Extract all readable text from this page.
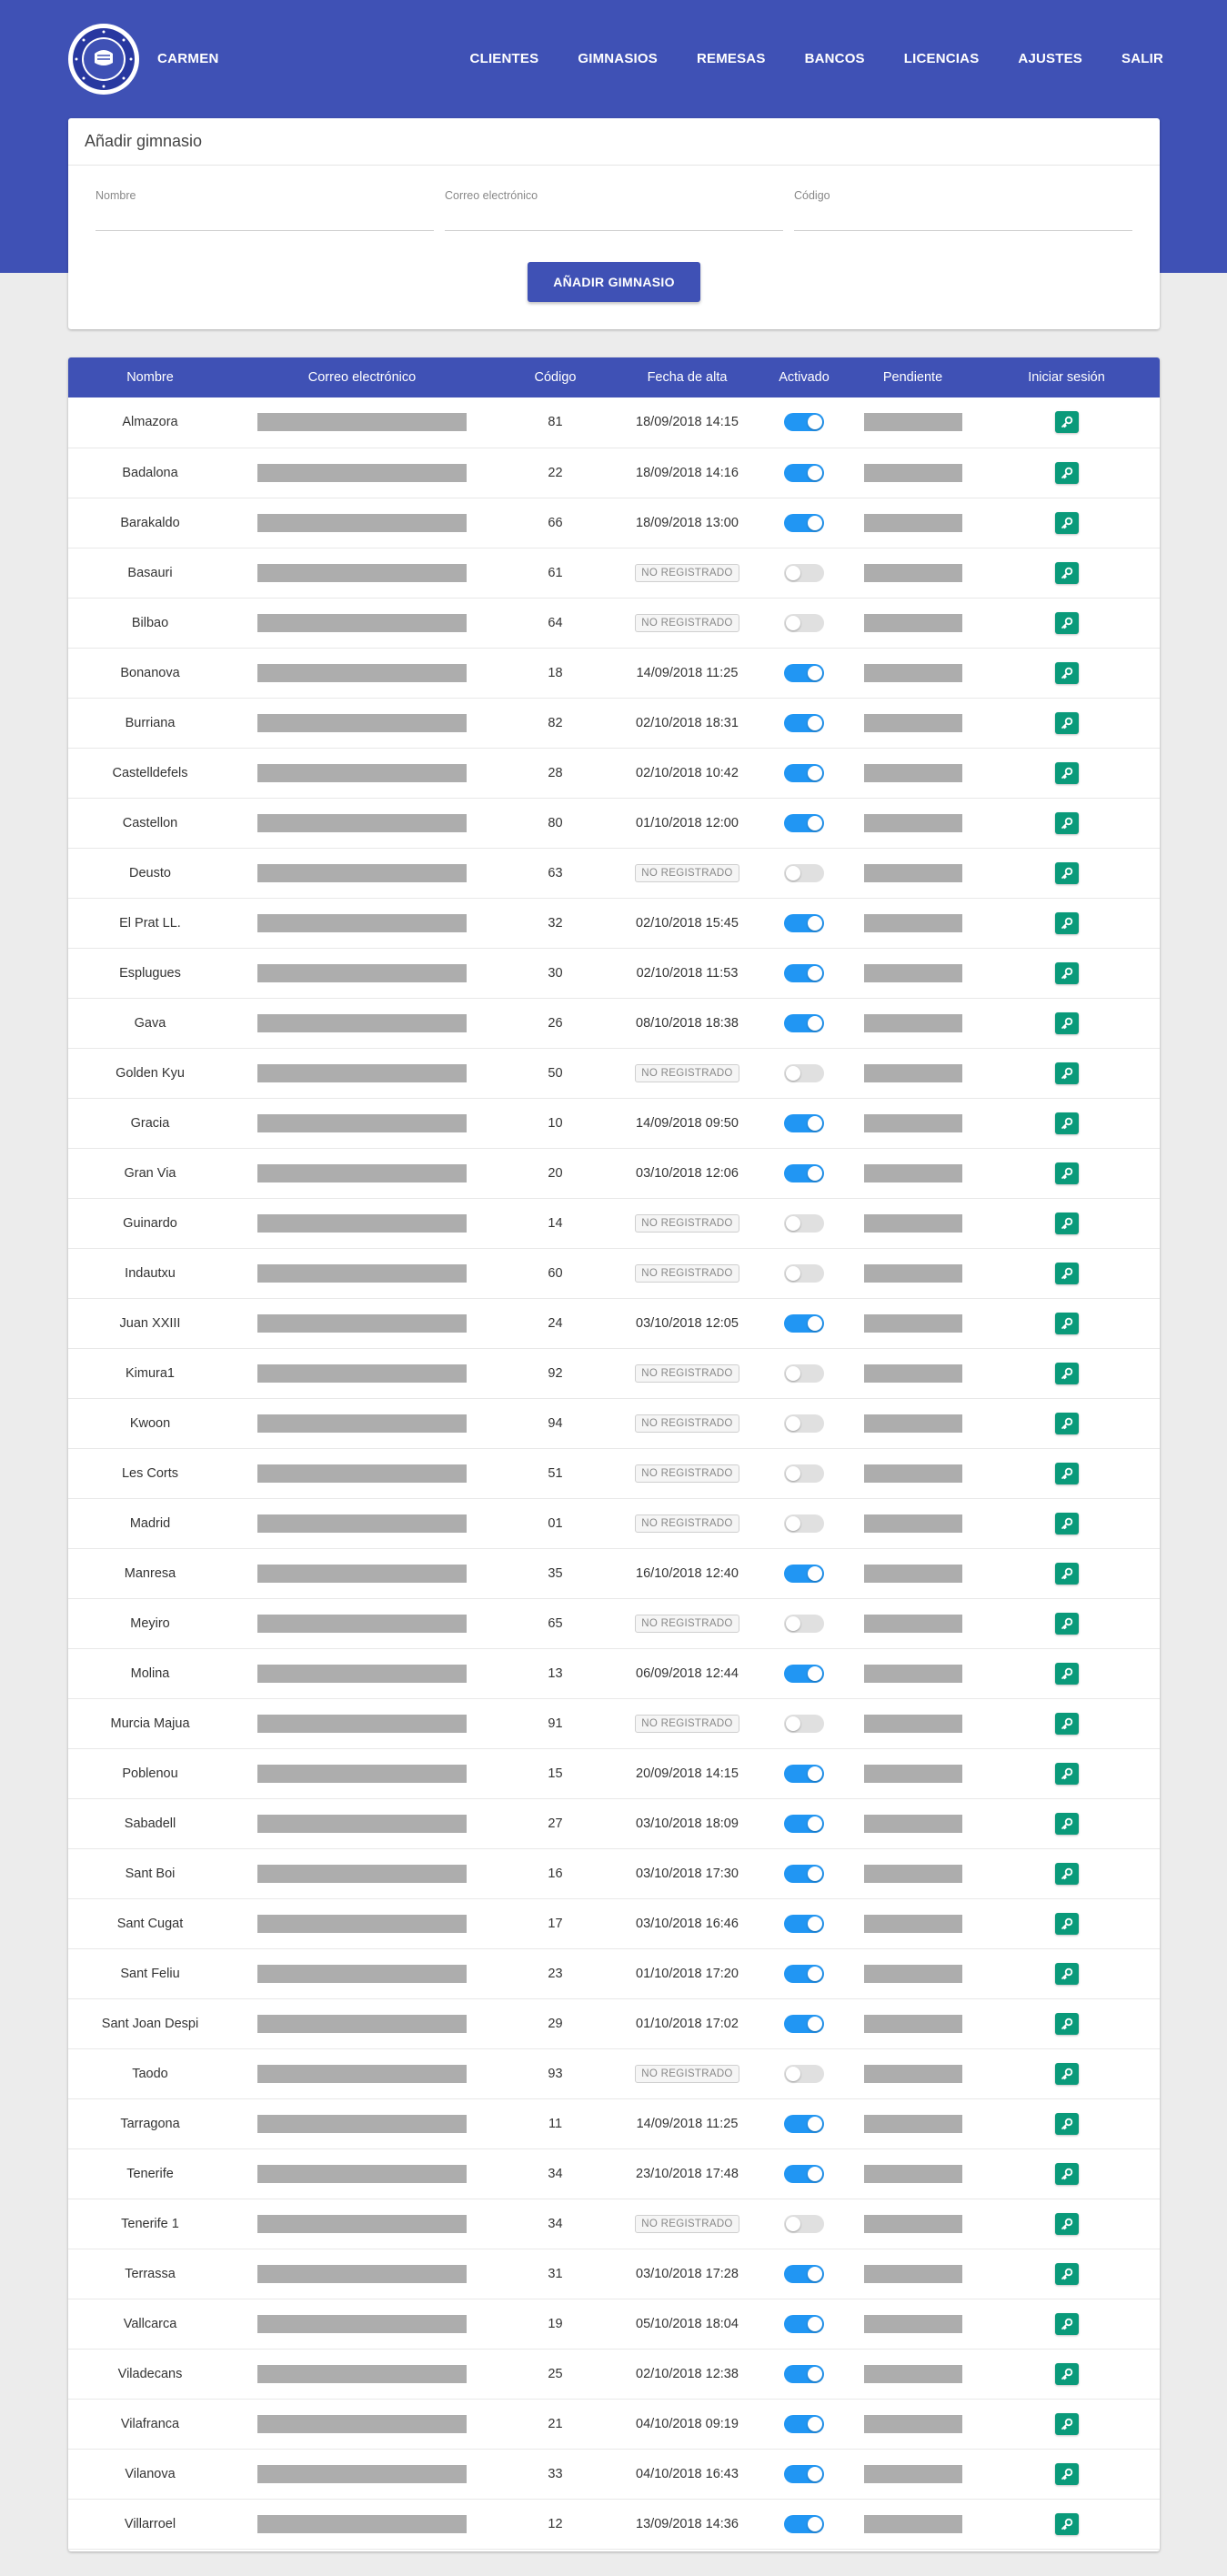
CARMEN	CLIENTES	GIMNASIOS	REMESAS	BANCOS	LICENCIAS	AJUSTES	SALIR
Añadir gimnasio
Nombre	Correo electrónico	Código
AÑADIR GIMNASIO
Nombre	Correo electrónico	Código	Fecha de alta	Activado	Pendiente	Iniciar sesión
Almazora		81	18/09/2018 14:15	

Badalona		22	18/09/2018 14:16	

Barakaldo		66	18/09/2018 13:00	

Basauri		61	NO REGISTRADO	

Bilbao		64	NO REGISTRADO	

Bonanova		18	14/09/2018 11:25	

Burriana		82	02/10/2018 18:31	

Castelldefels		28	02/10/2018 10:42	

Castellon		80	01/10/2018 12:00	

Deusto		63	NO REGISTRADO	

El Prat LL.		32	02/10/2018 15:45	

Esplugues		30	02/10/2018 11:53	

Gava		26	08/10/2018 18:38	

Golden Kyu		50	NO REGISTRADO	

Gracia		10	14/09/2018 09:50	

Gran Via		20	03/10/2018 12:06	

Guinardo		14	NO REGISTRADO	

Indautxu		60	NO REGISTRADO	

Juan XXIII		24	03/10/2018 12:05	

Kimura1		92	NO REGISTRADO	

Kwoon		94	NO REGISTRADO	

Les Corts		51	NO REGISTRADO	

Madrid		01	NO REGISTRADO	

Manresa		35	16/10/2018 12:40	

Meyiro		65	NO REGISTRADO	

Molina		13	06/09/2018 12:44	

Murcia Majua		91	NO REGISTRADO	

Poblenou		15	20/09/2018 14:15	

Sabadell		27	03/10/2018 18:09	

Sant Boi		16	03/10/2018 17:30	

Sant Cugat		17	03/10/2018 16:46	

Sant Feliu		23	01/10/2018 17:20	

Sant Joan Despi		29	01/10/2018 17:02	

Taodo		93	NO REGISTRADO	

Tarragona		11	14/09/2018 11:25	

Tenerife		34	23/10/2018 17:48	

Tenerife 1		34	NO REGISTRADO	

Terrassa		31	03/10/2018 17:28	

Vallcarca		19	05/10/2018 18:04	

Viladecans		25	02/10/2018 12:38	

Vilafranca		21	04/10/2018 09:19	

Vilanova		33	04/10/2018 16:43	

Villarroel		12	13/09/2018 14:36	
